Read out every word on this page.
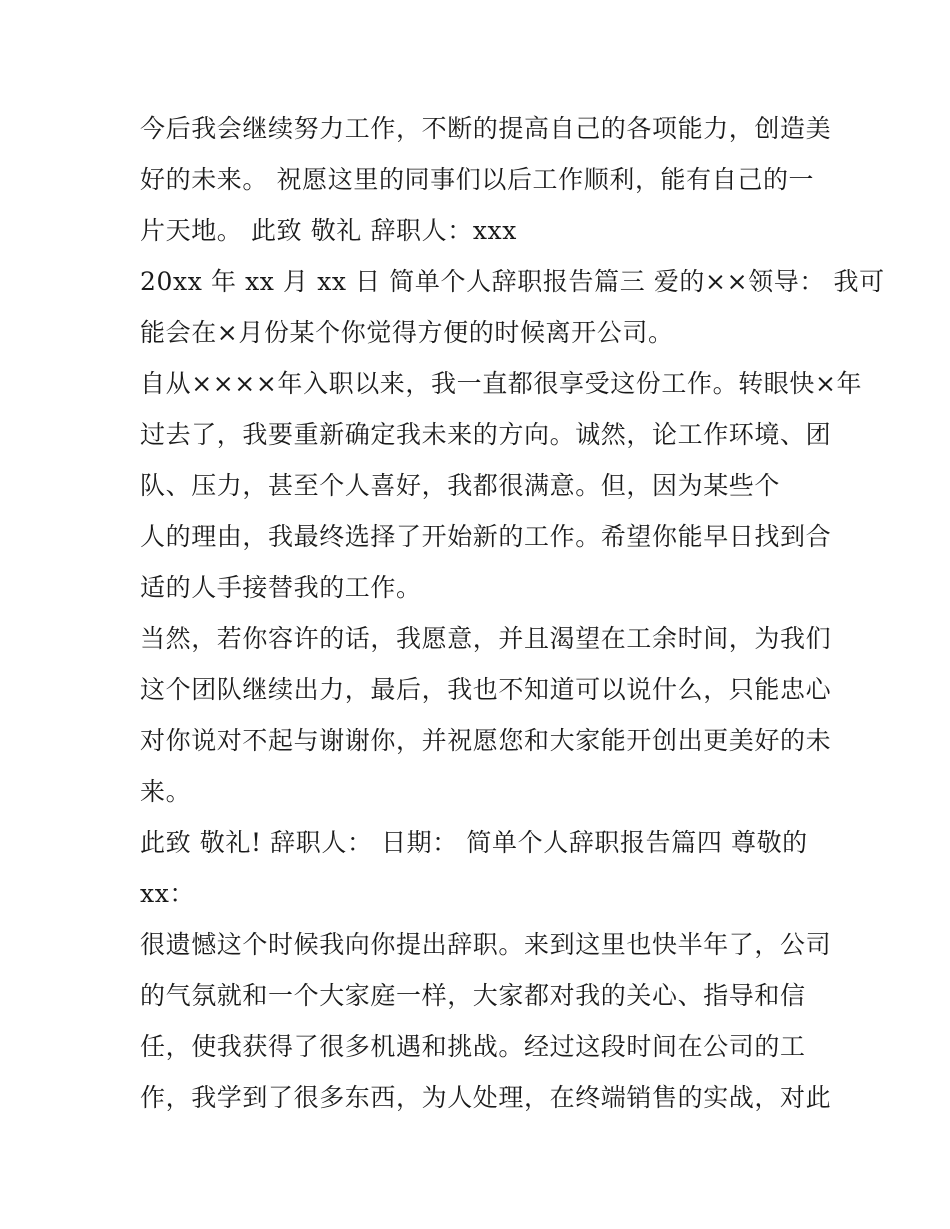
今后我会继续努力工作，不断的提高自己的各项能力，创造美
好的未来。 祝愿这里的同事们以后工作顺利，能有自己的一
片天地。 此致 敬礼 辞职人：xxx
20xx 年 xx 月 xx 日 简单个人辞职报告篇三 爱的××领导： 我可
能会在×月份某个你觉得方便的时候离开公司。
自从××××年入职以来，我一直都很享受这份工作。转眼快×年
过去了，我要重新确定我未来的方向。诚然，论工作环境、团
队、压力，甚至个人喜好，我都很满意。但，因为某些个
人的理由，我最终选择了开始新的工作。希望你能早日找到合
适的人手接替我的工作。
当然，若你容许的话，我愿意，并且渴望在工余时间，为我们
这个团队继续出力，最后，我也不知道可以说什么，只能忠心
对你说对不起与谢谢你，并祝愿您和大家能开创出更美好的未
来。
此致 敬礼! 辞职人： 日期： 简单个人辞职报告篇四 尊敬的
xx：
很遗憾这个时候我向你提出辞职。来到这里也快半年了，公司
的气氛就和一个大家庭一样，大家都对我的关心、指导和信
任，使我获得了很多机遇和挑战。经过这段时间在公司的工
作，我学到了很多东西，为人处理，在终端销售的实战，对此
